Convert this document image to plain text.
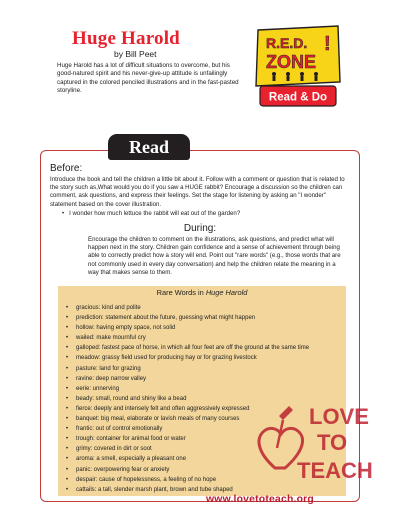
Huge Harold
by Bill Peet
Huge Harold has a lot of difficult situations to overcome, but his good-natured spirit and his never-give-up attitude is unfailingly captured in the colored penciled illustrations and in the fast-pasted storyline.
R.E.D. !
ZONE
Read & Do
Read
Before:
Introduce the book and tell the children a little bit about it. Follow with a comment or question that is related to the story such as,What would you do if you saw a HUGE rabbit? Encourage a discussion so the children can comment, ask questions, and express their feelings. Set the stage for listening by asking an "I wonder" statement based on the cover illustration.
• I wonder how much lettuce the rabbit will eat out of the garden?
During:
Encourage the children to comment on the illustrations, ask questions, and predict what will happen next in the story. Children gain confidence and a sense of achievement through being able to correctly predict how a story will end. Point out "rare words" (e.g., those words that are not commonly used in every day conversation) and help the children relate the meaning in a way that makes sense to them.
Rare Words in Huge Harold
• gracious: kind and polite
• prediction: statement about the future, guessing what might happen
• hollow: having empty space, not solid
• wailed: make mournful cry
• galloped: fastest pace of horse, in which all four feet are off the ground at the same time
• meadow: grassy field used for producing hay or for grazing livestock
• pasture: land for grazing
• ravine: deep narrow valley
• eerie: unnerving
• beady: small, round and shiny like a bead
• fierce: deeply and intensely felt and often aggressively expressed
• banquet: big meal, elaborate or lavish meals of many courses
• frantic: out of control emotionally
• trough: container for animal food or water
• grimy: covered in dirt or soot
• aroma: a smell, especially a pleasant one
• panic: overpowering fear or anxiety
• despair: cause of hopelessness, a feeling of no hope
• cattails: a tall, slender marsh plant, brown and tube shaped
LOVE
TO
TEACH
www.lovetoteach.org
